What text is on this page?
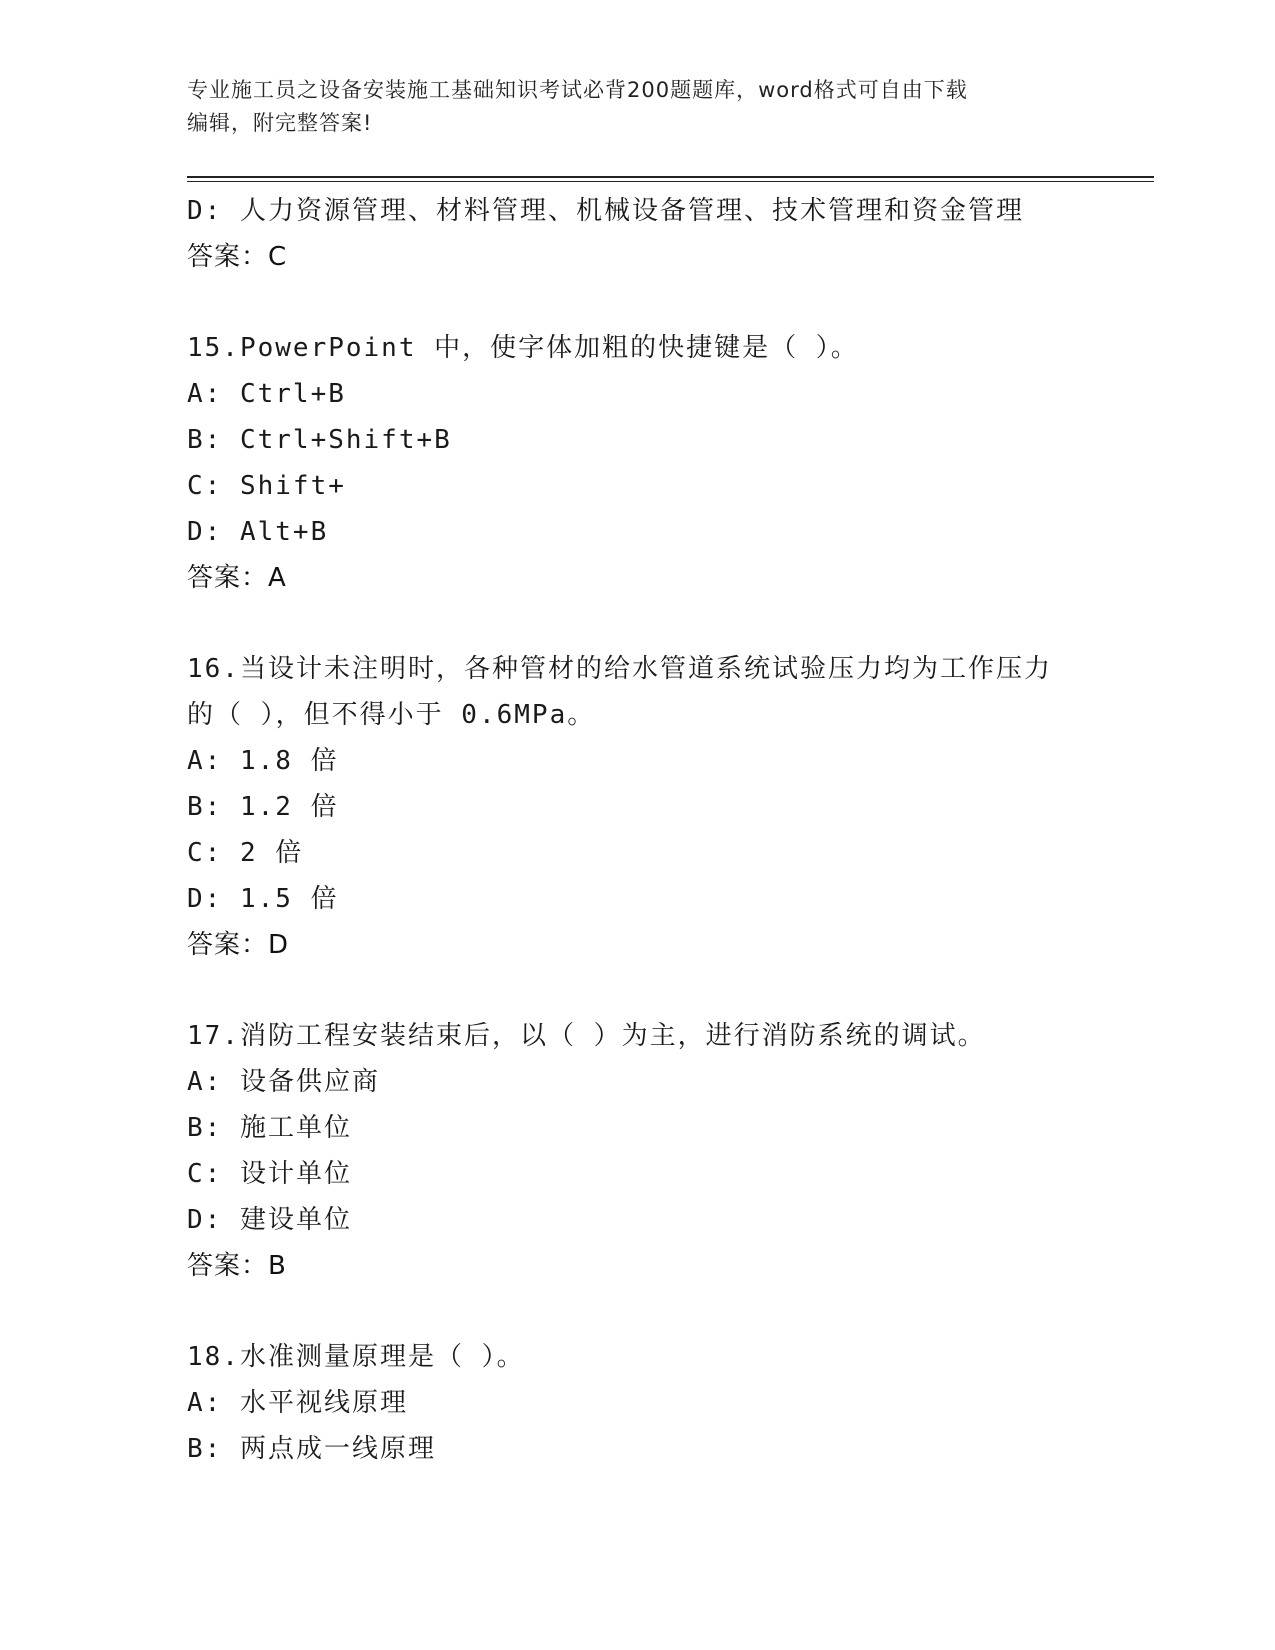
专业施工员之设备安装施工基础知识考试必背200题题库，word格式可自由下载
编辑，附完整答案!
D: 人力资源管理、材料管理、机械设备管理、技术管理和资金管理
答案：C
15.PowerPoint 中，使字体加粗的快捷键是（ ）。
A: Ctrl+B
B: Ctrl+Shift+B
C: Shift+
D: Alt+B
答案：A
16.当设计未注明时，各种管材的给水管道系统试验压力均为工作压力
的（ ），但不得小于 0.6MPa。
A: 1.8 倍
B: 1.2 倍
C: 2 倍
D: 1.5 倍
答案：D
17.消防工程安装结束后，以（ ）为主，进行消防系统的调试。
A: 设备供应商
B: 施工单位
C: 设计单位
D: 建设单位
答案：B
18.水准测量原理是（ ）。
A: 水平视线原理
B: 两点成一线原理
